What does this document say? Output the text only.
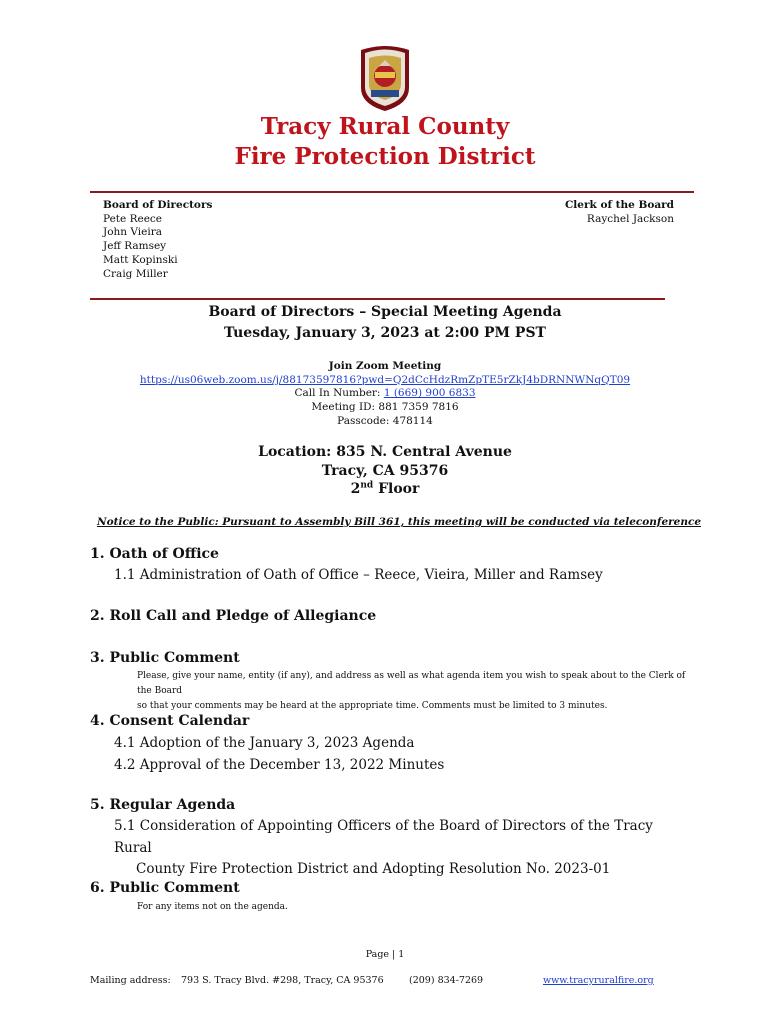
Tracy Rural County
Fire Protection District
Board of Directors
Pete Reece
John Vieira
Jeff Ramsey
Matt Kopinski
Craig Miller
Clerk of the Board
Raychel Jackson
Board of Directors – Special Meeting Agenda
Tuesday, January 3, 2023 at 2:00 PM PST
Join Zoom Meeting
https://us06web.zoom.us/j/88173597816?pwd=Q2dCcHdzRmZpTE5rZkJ4bDRNNWNqQT09
Call In Number: 1 (669) 900 6833
Meeting ID: 881 7359 7816
Passcode: 478114
Location: 835 N. Central Avenue
Tracy, CA 95376
2nd Floor
Notice to the Public: Pursuant to Assembly Bill 361, this meeting will be conducted via teleconference
1. Oath of Office
1.1 Administration of Oath of Office – Reece, Vieira, Miller and Ramsey
2. Roll Call and Pledge of Allegiance
3. Public Comment
Please, give your name, entity (if any), and address as well as what agenda item you wish to speak about to the Clerk of the Board
so that your comments may be heard at the appropriate time. Comments must be limited to 3 minutes.
4. Consent Calendar
4.1 Adoption of the January 3, 2023 Agenda
4.2 Approval of the December 13, 2022 Minutes
5. Regular Agenda
5.1 Consideration of Appointing Officers of the Board of Directors of the Tracy Rural
County Fire Protection District and Adopting Resolution No. 2023-01
6. Public Comment
For any items not on the agenda.
Page | 1
Mailing address: 793 S. Tracy Blvd. #298, Tracy, CA 95376	(209) 834-7269	www.tracyruralfire.org
